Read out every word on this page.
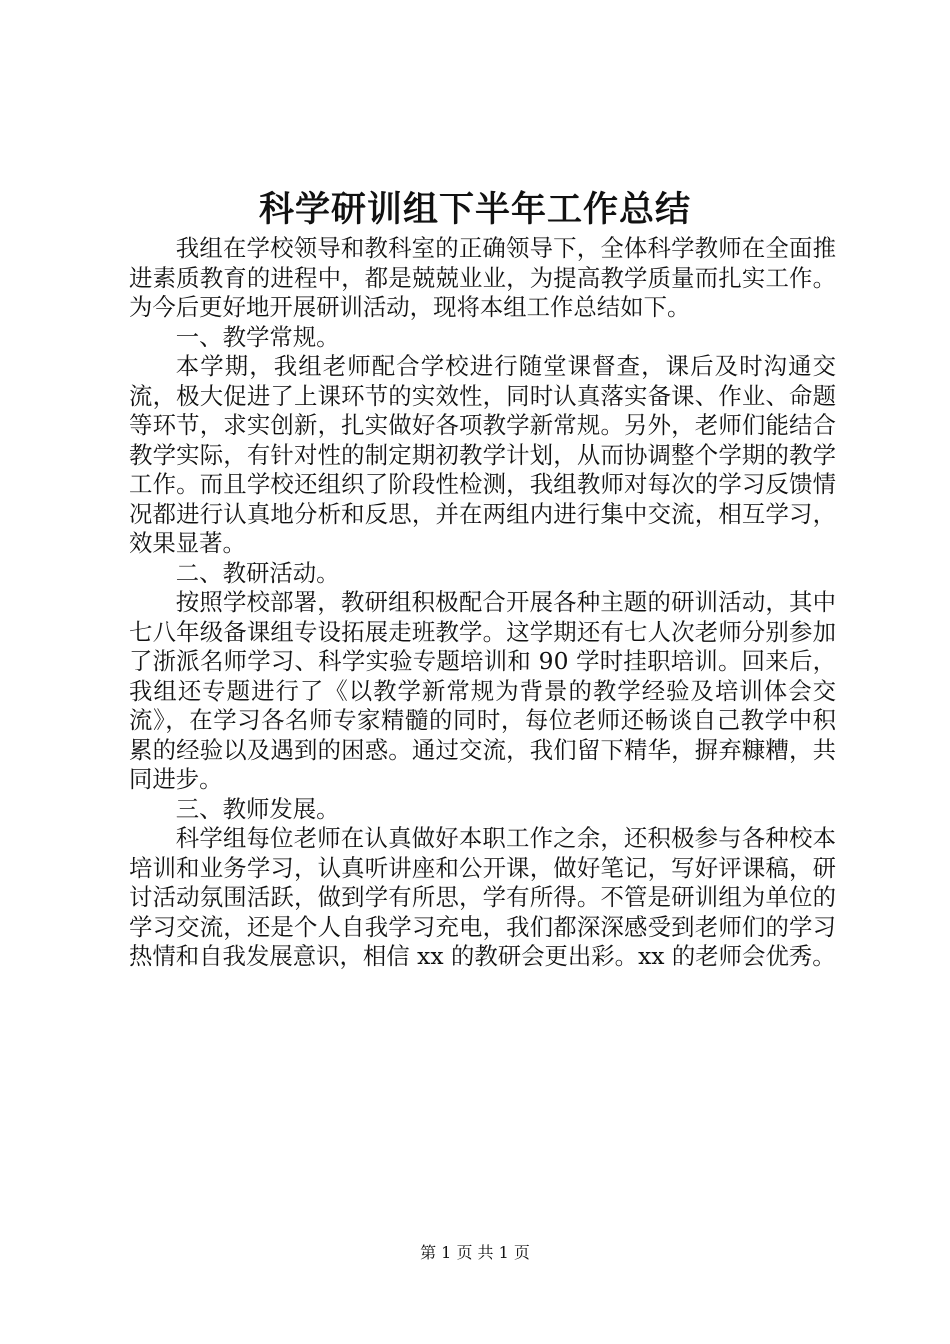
科学研训组下半年工作总结

我组在学校领导和教科室的正确领导下，全体科学教师在全面推进素质教育的进程中，都是兢兢业业，为提高教学质量而扎实工作。为今后更好地开展研训活动，现将本组工作总结如下。

一、教学常规。

本学期，我组老师配合学校进行随堂课督查，课后及时沟通交流，极大促进了上课环节的实效性，同时认真落实备课、作业、命题等环节，求实创新，扎实做好各项教学新常规。另外，老师们能结合教学实际，有针对性的制定期初教学计划，从而协调整个学期的教学工作。而且学校还组织了阶段性检测，我组教师对每次的学习反馈情况都进行认真地分析和反思，并在两组内进行集中交流，相互学习，效果显著。

二、教研活动。

按照学校部署，教研组积极配合开展各种主题的研训活动，其中七八年级备课组专设拓展走班教学。这学期还有七人次老师分别参加了浙派名师学习、科学实验专题培训和 90 学时挂职培训。回来后，我组还专题进行了《以教学新常规为背景的教学经验及培训体会交流》，在学习各名师专家精髓的同时，每位老师还畅谈自己教学中积累的经验以及遇到的困惑。通过交流，我们留下精华，摒弃糠糟，共同进步。

三、教师发展。

科学组每位老师在认真做好本职工作之余，还积极参与各种校本培训和业务学习，认真听讲座和公开课，做好笔记，写好评课稿，研讨活动氛围活跃，做到学有所思，学有所得。不管是研训组为单位的学习交流，还是个人自我学习充电，我们都深深感受到老师们的学习热情和自我发展意识，相信 xx 的教研会更出彩。xx 的老师会优秀。

第 1 页 共 1 页
